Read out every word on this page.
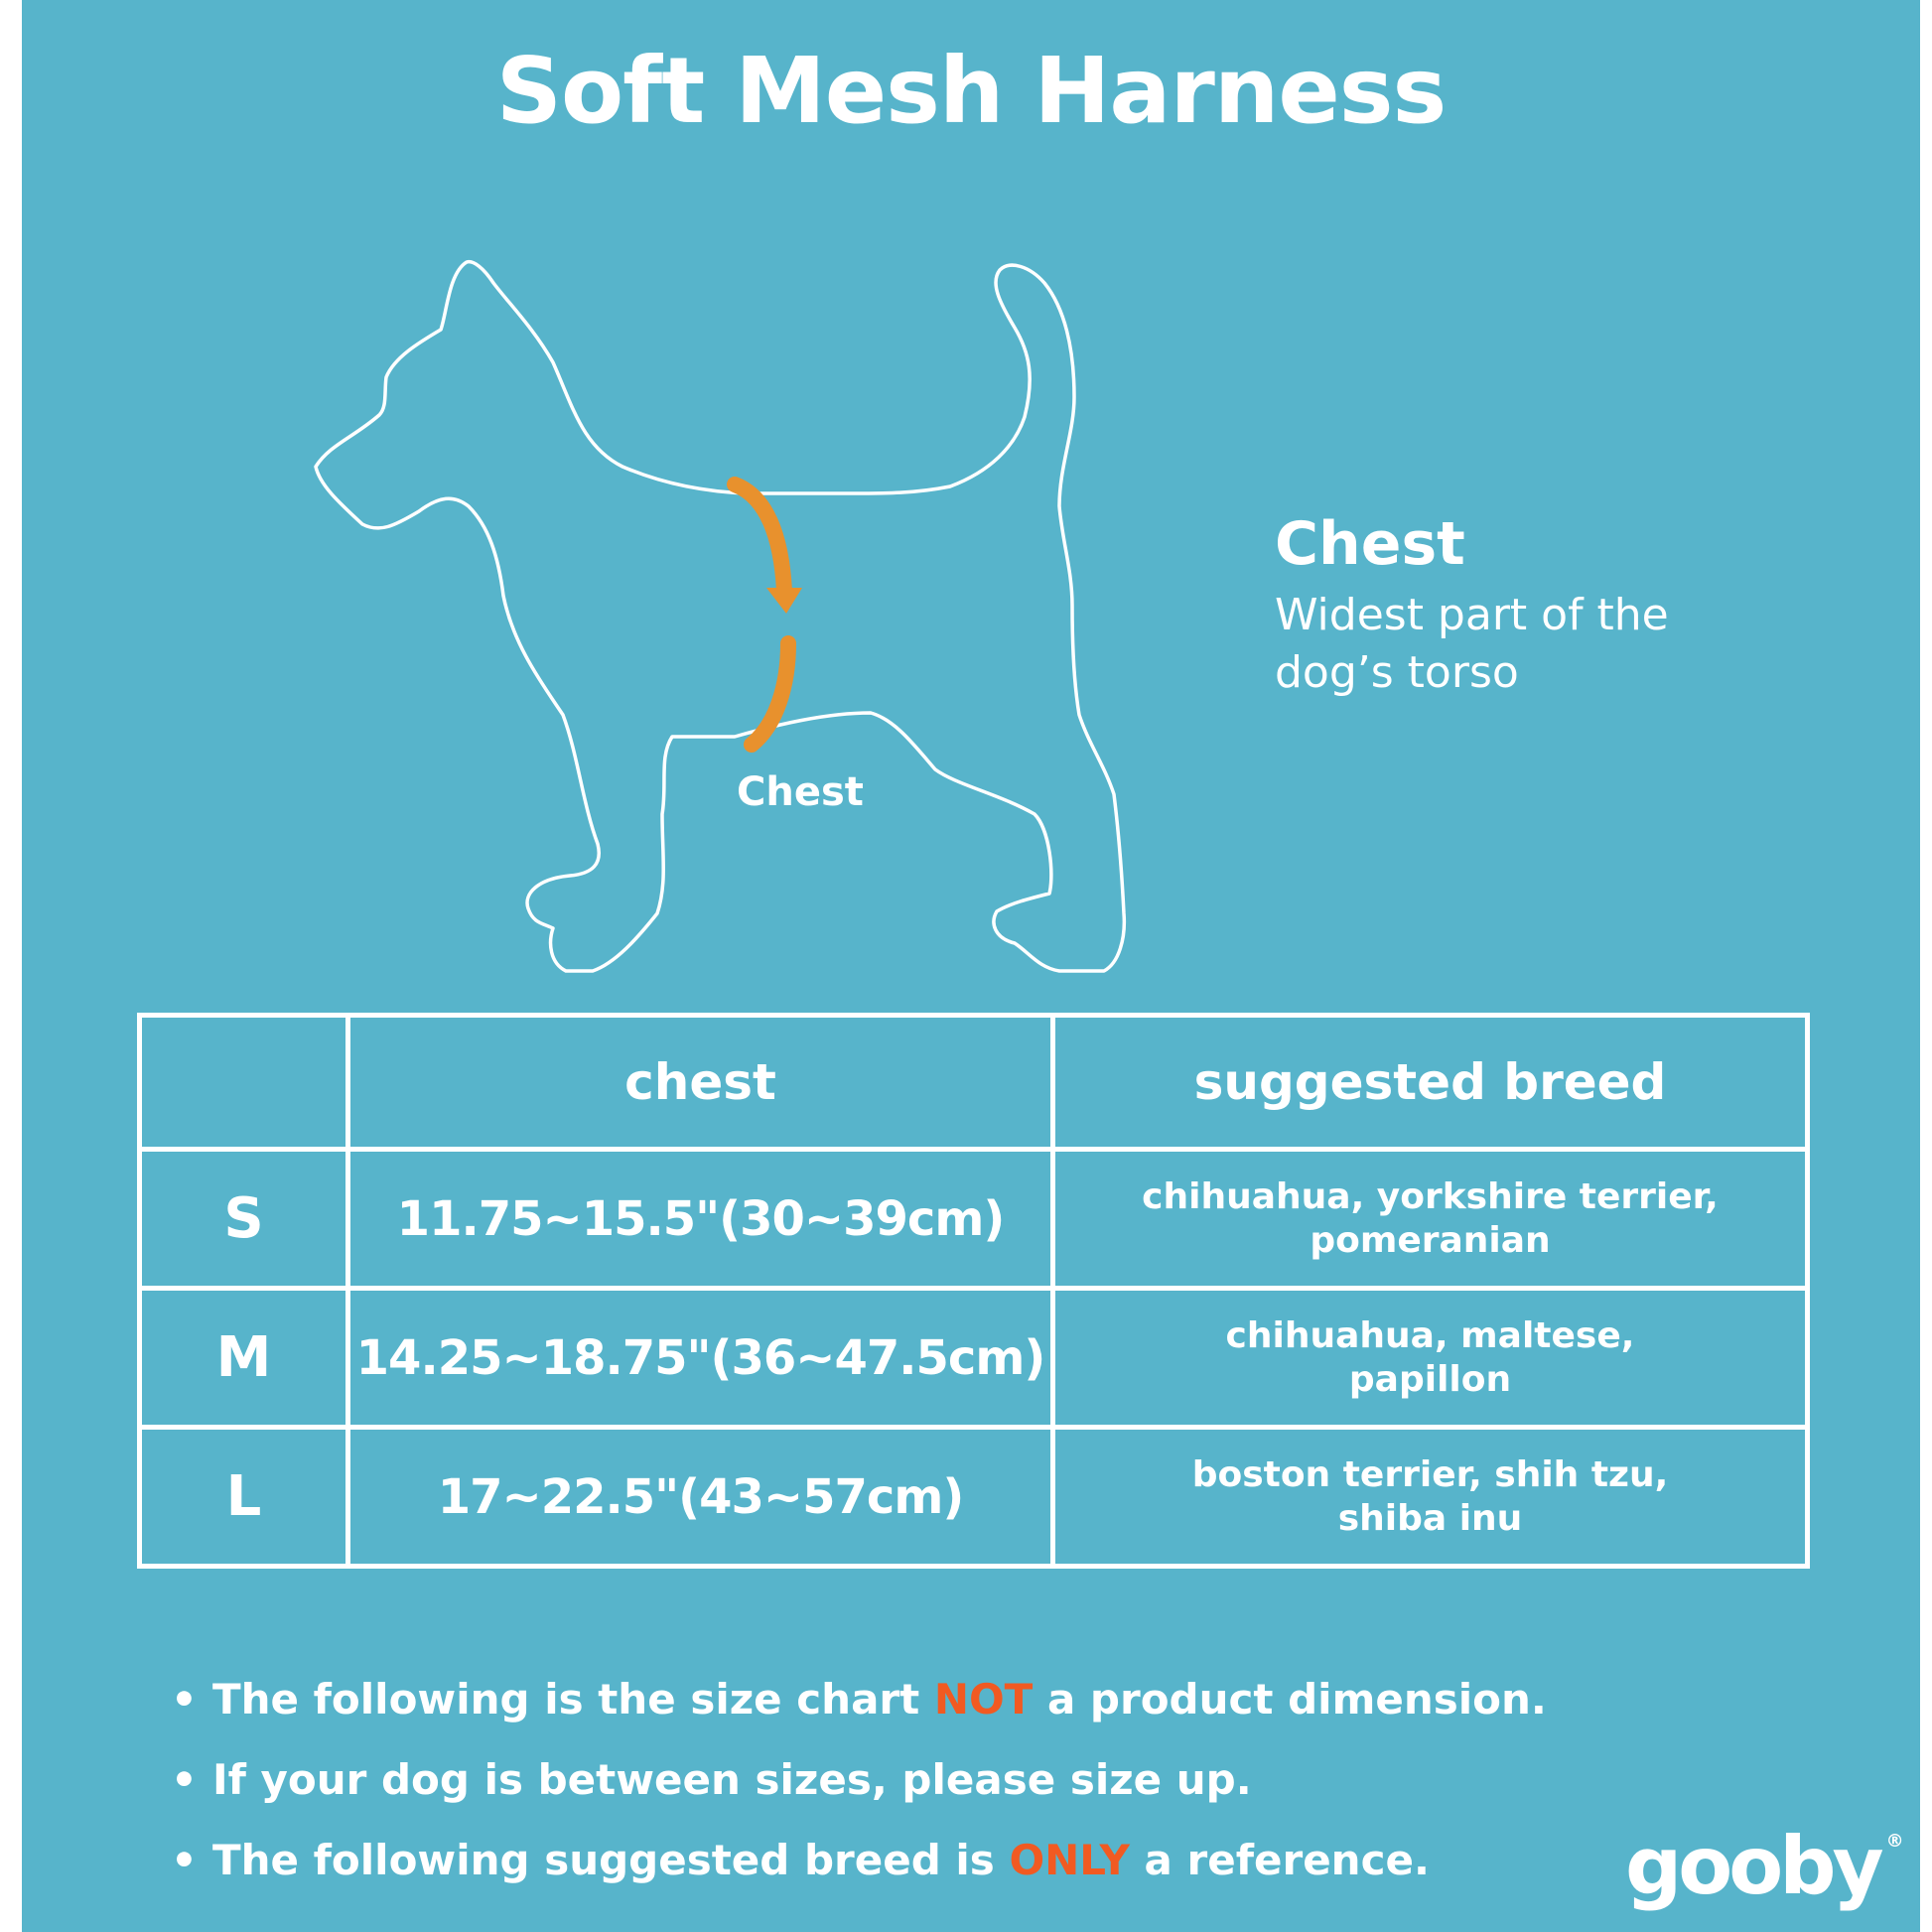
Soft Mesh Harness
Chest

Chest

Widest part of the dog’s torso

	chest	suggested breed
S	11.75~15.5"(30~39cm)	chihuahua, yorkshire terrier,
pomeranian

M	14.25~18.75"(36~47.5cm)	chihuahua, maltese,
papillon

L	17~22.5"(43~57cm)	boston terrier, shih tzu,
shiba inu
• The following is the size chart NOT a product dimension.
• If your dog is between sizes, please size up.
• The following suggested breed is ONLY a reference.	gooby ®
